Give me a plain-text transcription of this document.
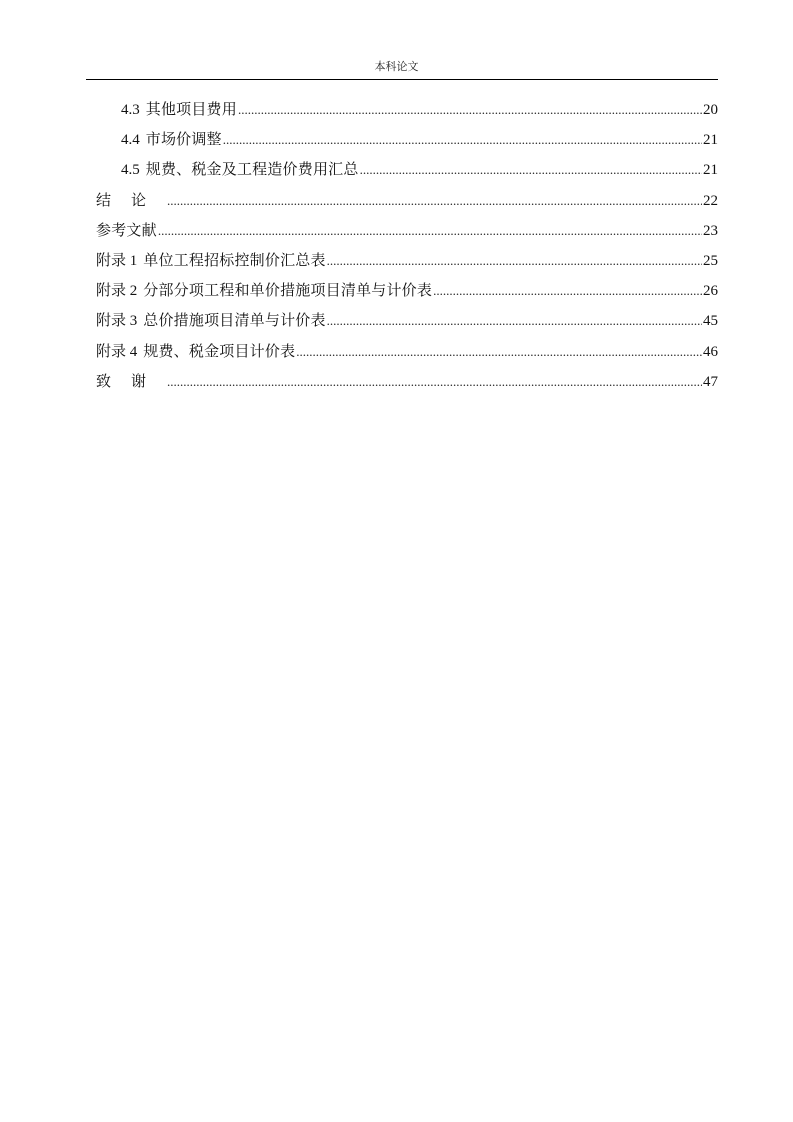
本科论文
4.3 其他项目费用 .....	20
4.4 市场价调整 .....	21
4.5 规费、税金及工程造价费用汇总 .....	21
结论 .....	22
参考文献 .....	23
附录 1 单位工程招标控制价汇总表 .....	25
附录 2 分部分项工程和单价措施项目清单与计价表 .....	26
附录 3 总价措施项目清单与计价表 .....	45
附录 4 规费、税金项目计价表 .....	46
致谢 .....	47
